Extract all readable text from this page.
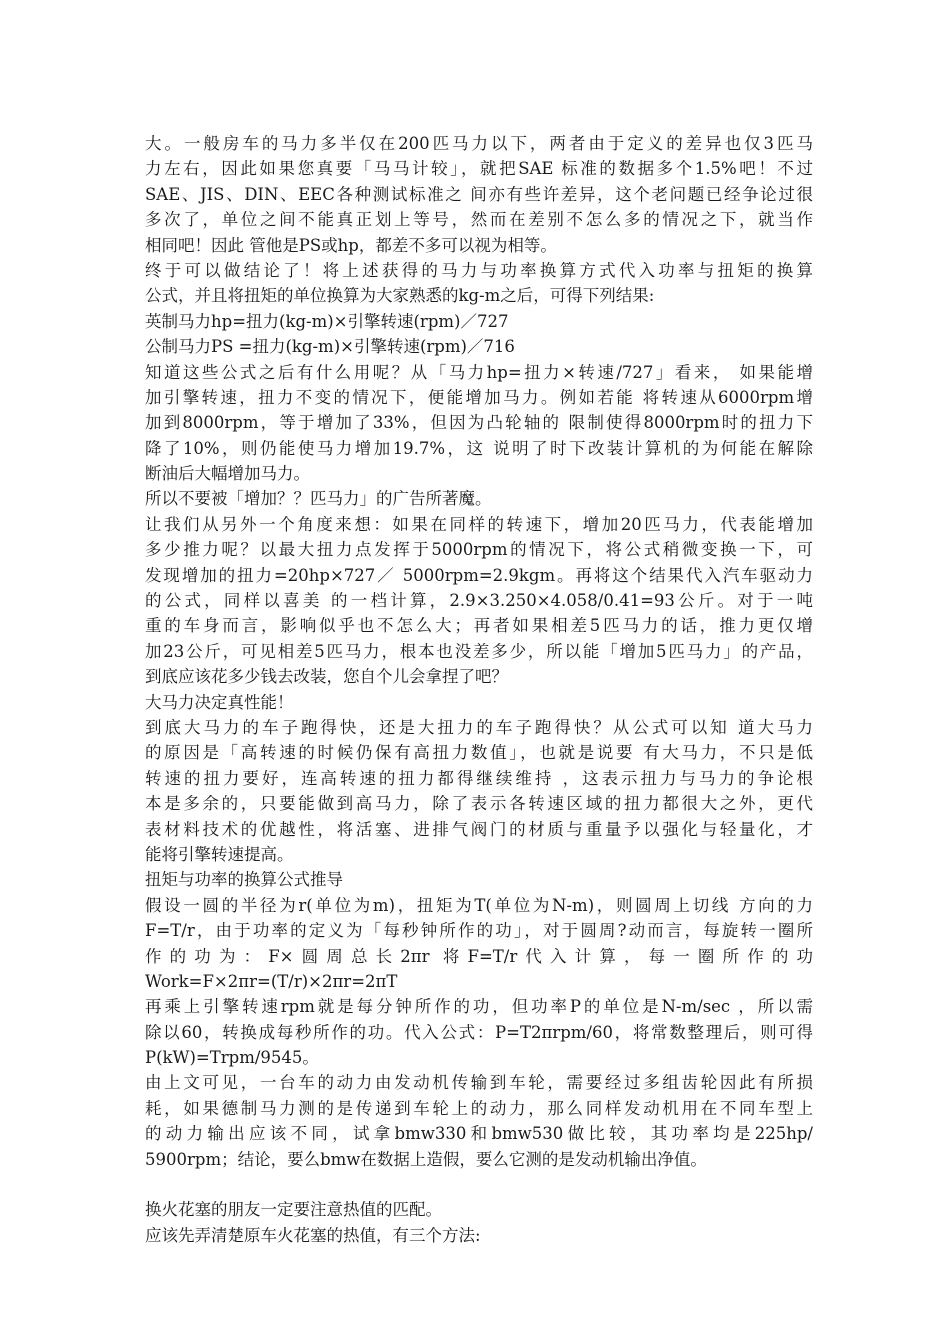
大。一般房车的马力多半仅在200匹马力以下，两者由于定义的差异也仅3匹马
力左右，因此如果您真要「马马计较」，就把SAE 标准的数据多个1.5%吧！不过
SAE、JIS、DIN、EEC各种测试标准之 间亦有些许差异，这个老问题已经争论过很
多次了，单位之间不能真正划上等号，然而在差别不怎么多的情况之下，就当作
相同吧！因此 管他是PS或hp，都差不多可以视为相等。
终于可以做结论了！将上述获得的马力与功率换算方式代入功率与扭矩的换算
公式，并且将扭矩的单位换算为大家熟悉的kg-m之后，可得下列结果:
英制马力hp=扭力(kg-m)×引擎转速(rpm)／727
公制马力PS =扭力(kg-m)×引擎转速(rpm)／716
知道这些公式之后有什么用呢？从「马力hp=扭力×转速/727」看来， 如果能增
加引擎转速，扭力不变的情况下，便能增加马力。例如若能 将转速从6000rpm增
加到8000rpm，等于增加了33%，但因为凸轮轴的 限制使得8000rpm时的扭力下
降了10%，则仍能使马力增加19.7%，这 说明了时下改装计算机的为何能在解除
断油后大幅增加马力。
所以不要被「增加？？匹马力」的广告所著魔。
让我们从另外一个角度来想：如果在同样的转速下，增加20匹马力，代表能增加
多少推力呢？以最大扭力点发挥于5000rpm的情况下，将公式稍微变换一下，可
发现增加的扭力=20hp×727／ 5000rpm=2.9kgm。再将这个结果代入汽车驱动力
的公式，同样以喜美 的一档计算，2.9×3.250×4.058/0.41=93公斤。对于一吨
重的车身而言，影响似乎也不怎么大；再者如果相差5匹马力的话，推力更仅增
加23公斤，可见相差5匹马力，根本也没差多少，所以能「增加5匹马力」的产品，
到底应该花多少钱去改装，您自个儿会拿捏了吧？
大马力决定真性能！
到底大马力的车子跑得快，还是大扭力的车子跑得快？从公式可以知 道大马力
的原因是「高转速的时候仍保有高扭力数值」，也就是说要 有大马力，不只是低
转速的扭力要好，连高转速的扭力都得继续维持 ，这表示扭力与马力的争论根
本是多余的，只要能做到高马力，除了表示各转速区域的扭力都很大之外，更代
表材料技术的优越性，将活塞、进排气阀门的材质与重量予以强化与轻量化，才
能将引擎转速提高。
扭矩与功率的换算公式推导
假设一圆的半径为r(单位为m)，扭矩为T(单位为N-m)，则圆周上切线 方向的力
F=T/r，由于功率的定义为「每秒钟所作的功」，对于圆周?动而言，每旋转一圈所
作的功为：F×圆周总长2πr 将F=T/r代入计算，每一圈所作的功
Work=F×2πr=(T/r)×2πr=2πT
再乘上引擎转速rpm就是每分钟所作的功，但功率P的单位是N-m/sec ，所以需
除以60，转换成每秒所作的功。代入公式：P=T2πrpm/60，将常数整理后，则可得
P(kW)=Trpm/9545。
由上文可见，一台车的动力由发动机传输到车轮，需要经过多组齿轮因此有所损
耗，如果德制马力测的是传递到车轮上的动力，那么同样发动机用在不同车型上
的动力输出应该不同，试拿bmw330和bmw530做比较，其功率均是225hp/
5900rpm；结论，要么bmw在数据上造假，要么它测的是发动机输出净值。
换火花塞的朋友一定要注意热值的匹配。
应该先弄清楚原车火花塞的热值，有三个方法:
